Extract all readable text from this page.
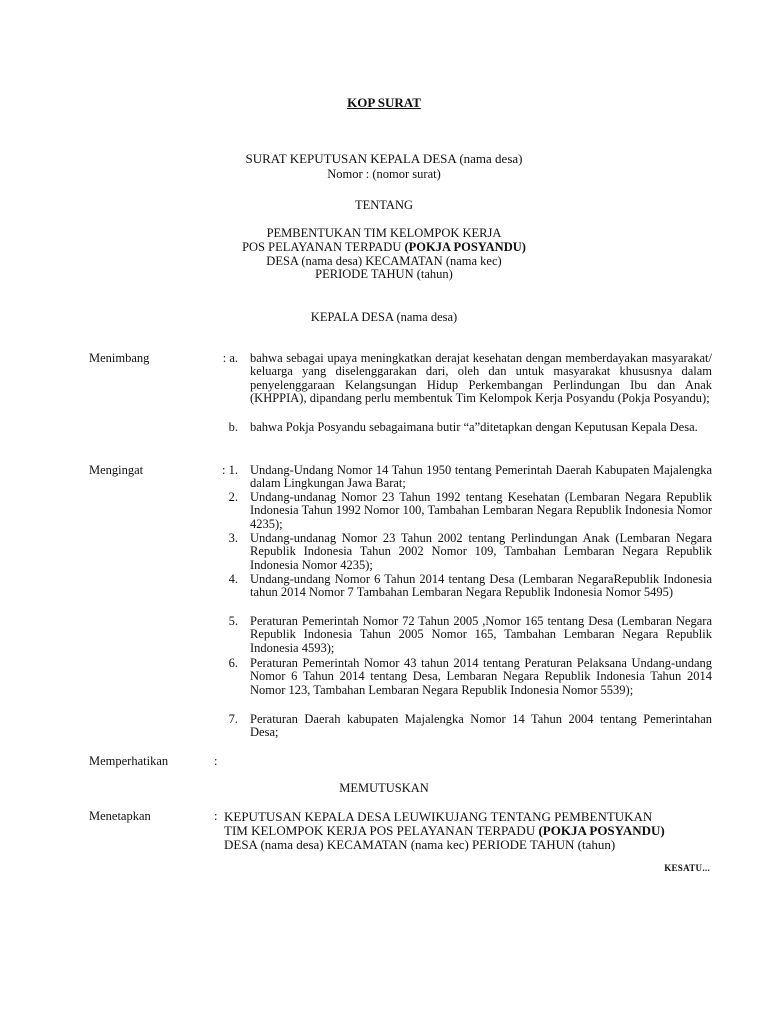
KOP SURAT
SURAT KEPUTUSAN KEPALA DESA (nama desa)
Nomor : (nomor surat)
TENTANG
PEMBENTUKAN TIM KELOMPOK KERJA
POS PELAYANAN TERPADU (POKJA POSYANDU)
DESA (nama desa) KECAMATAN (nama kec)
PERIODE TAHUN (tahun)
KEPALA DESA (nama desa)
Menimbang	: a. bahwa sebagai upaya meningkatkan derajat kesehatan dengan memberdayakan masyarakat/ keluarga yang diselenggarakan dari, oleh dan untuk masyarakat khususnya dalam penyelenggaraan Kelangsungan Hidup Perkembangan Perlindungan Ibu dan Anak (KHPPIA), dipandang perlu membentuk Tim Kelompok Kerja Posyandu (Pokja Posyandu);
b. bahwa Pokja Posyandu sebagaimana butir “a”ditetapkan dengan Keputusan Kepala Desa.
Mengingat	: 1. Undang-Undang Nomor 14 Tahun 1950 tentang Pemerintah Daerah Kabupaten Majalengka dalam Lingkungan Jawa Barat;
2. Undang-undanag Nomor 23 Tahun 1992 tentang Kesehatan (Lembaran Negara Republik Indonesia Tahun 1992 Nomor 100, Tambahan Lembaran Negara Republik Indonesia Nomor 4235);
3. Undang-undanag Nomor 23 Tahun 2002 tentang Perlindungan Anak (Lembaran Negara Republik Indonesia Tahun 2002 Nomor 109, Tambahan Lembaran Negara Republik Indonesia Nomor 4235);
4. Undang-undang Nomor 6 Tahun 2014 tentang Desa (Lembaran NegaraRepublik Indonesia tahun 2014 Nomor 7 Tambahan Lembaran Negara Republik Indonesia Nomor 5495)
5. Peraturan Pemerintah Nomor 72 Tahun 2005 ,Nomor 165 tentang Desa (Lembaran Negara Republik Indonesia Tahun 2005 Nomor 165, Tambahan Lembaran Negara Republik Indonesia 4593);
6. Peraturan Pemerintah Nomor 43 tahun 2014 tentang Peraturan Pelaksana Undang-undang Nomor 6 Tahun 2014 tentang Desa, Lembaran Negara Republik Indonesia Tahun 2014 Nomor 123, Tambahan Lembaran Negara Republik Indonesia Nomor 5539);
7. Peraturan Daerah kabupaten Majalengka Nomor 14 Tahun 2004 tentang Pemerintahan Desa;
Memperhatikan	:
MEMUTUSKAN
Menetapkan	: KEPUTUSAN KEPALA DESA LEUWIKUJANG TENTANG PEMBENTUKAN
TIM KELOMPOK KERJA POS PELAYANAN TERPADU (POKJA POSYANDU)
DESA (nama desa) KECAMATAN (nama kec) PERIODE TAHUN (tahun)
KESATU...
